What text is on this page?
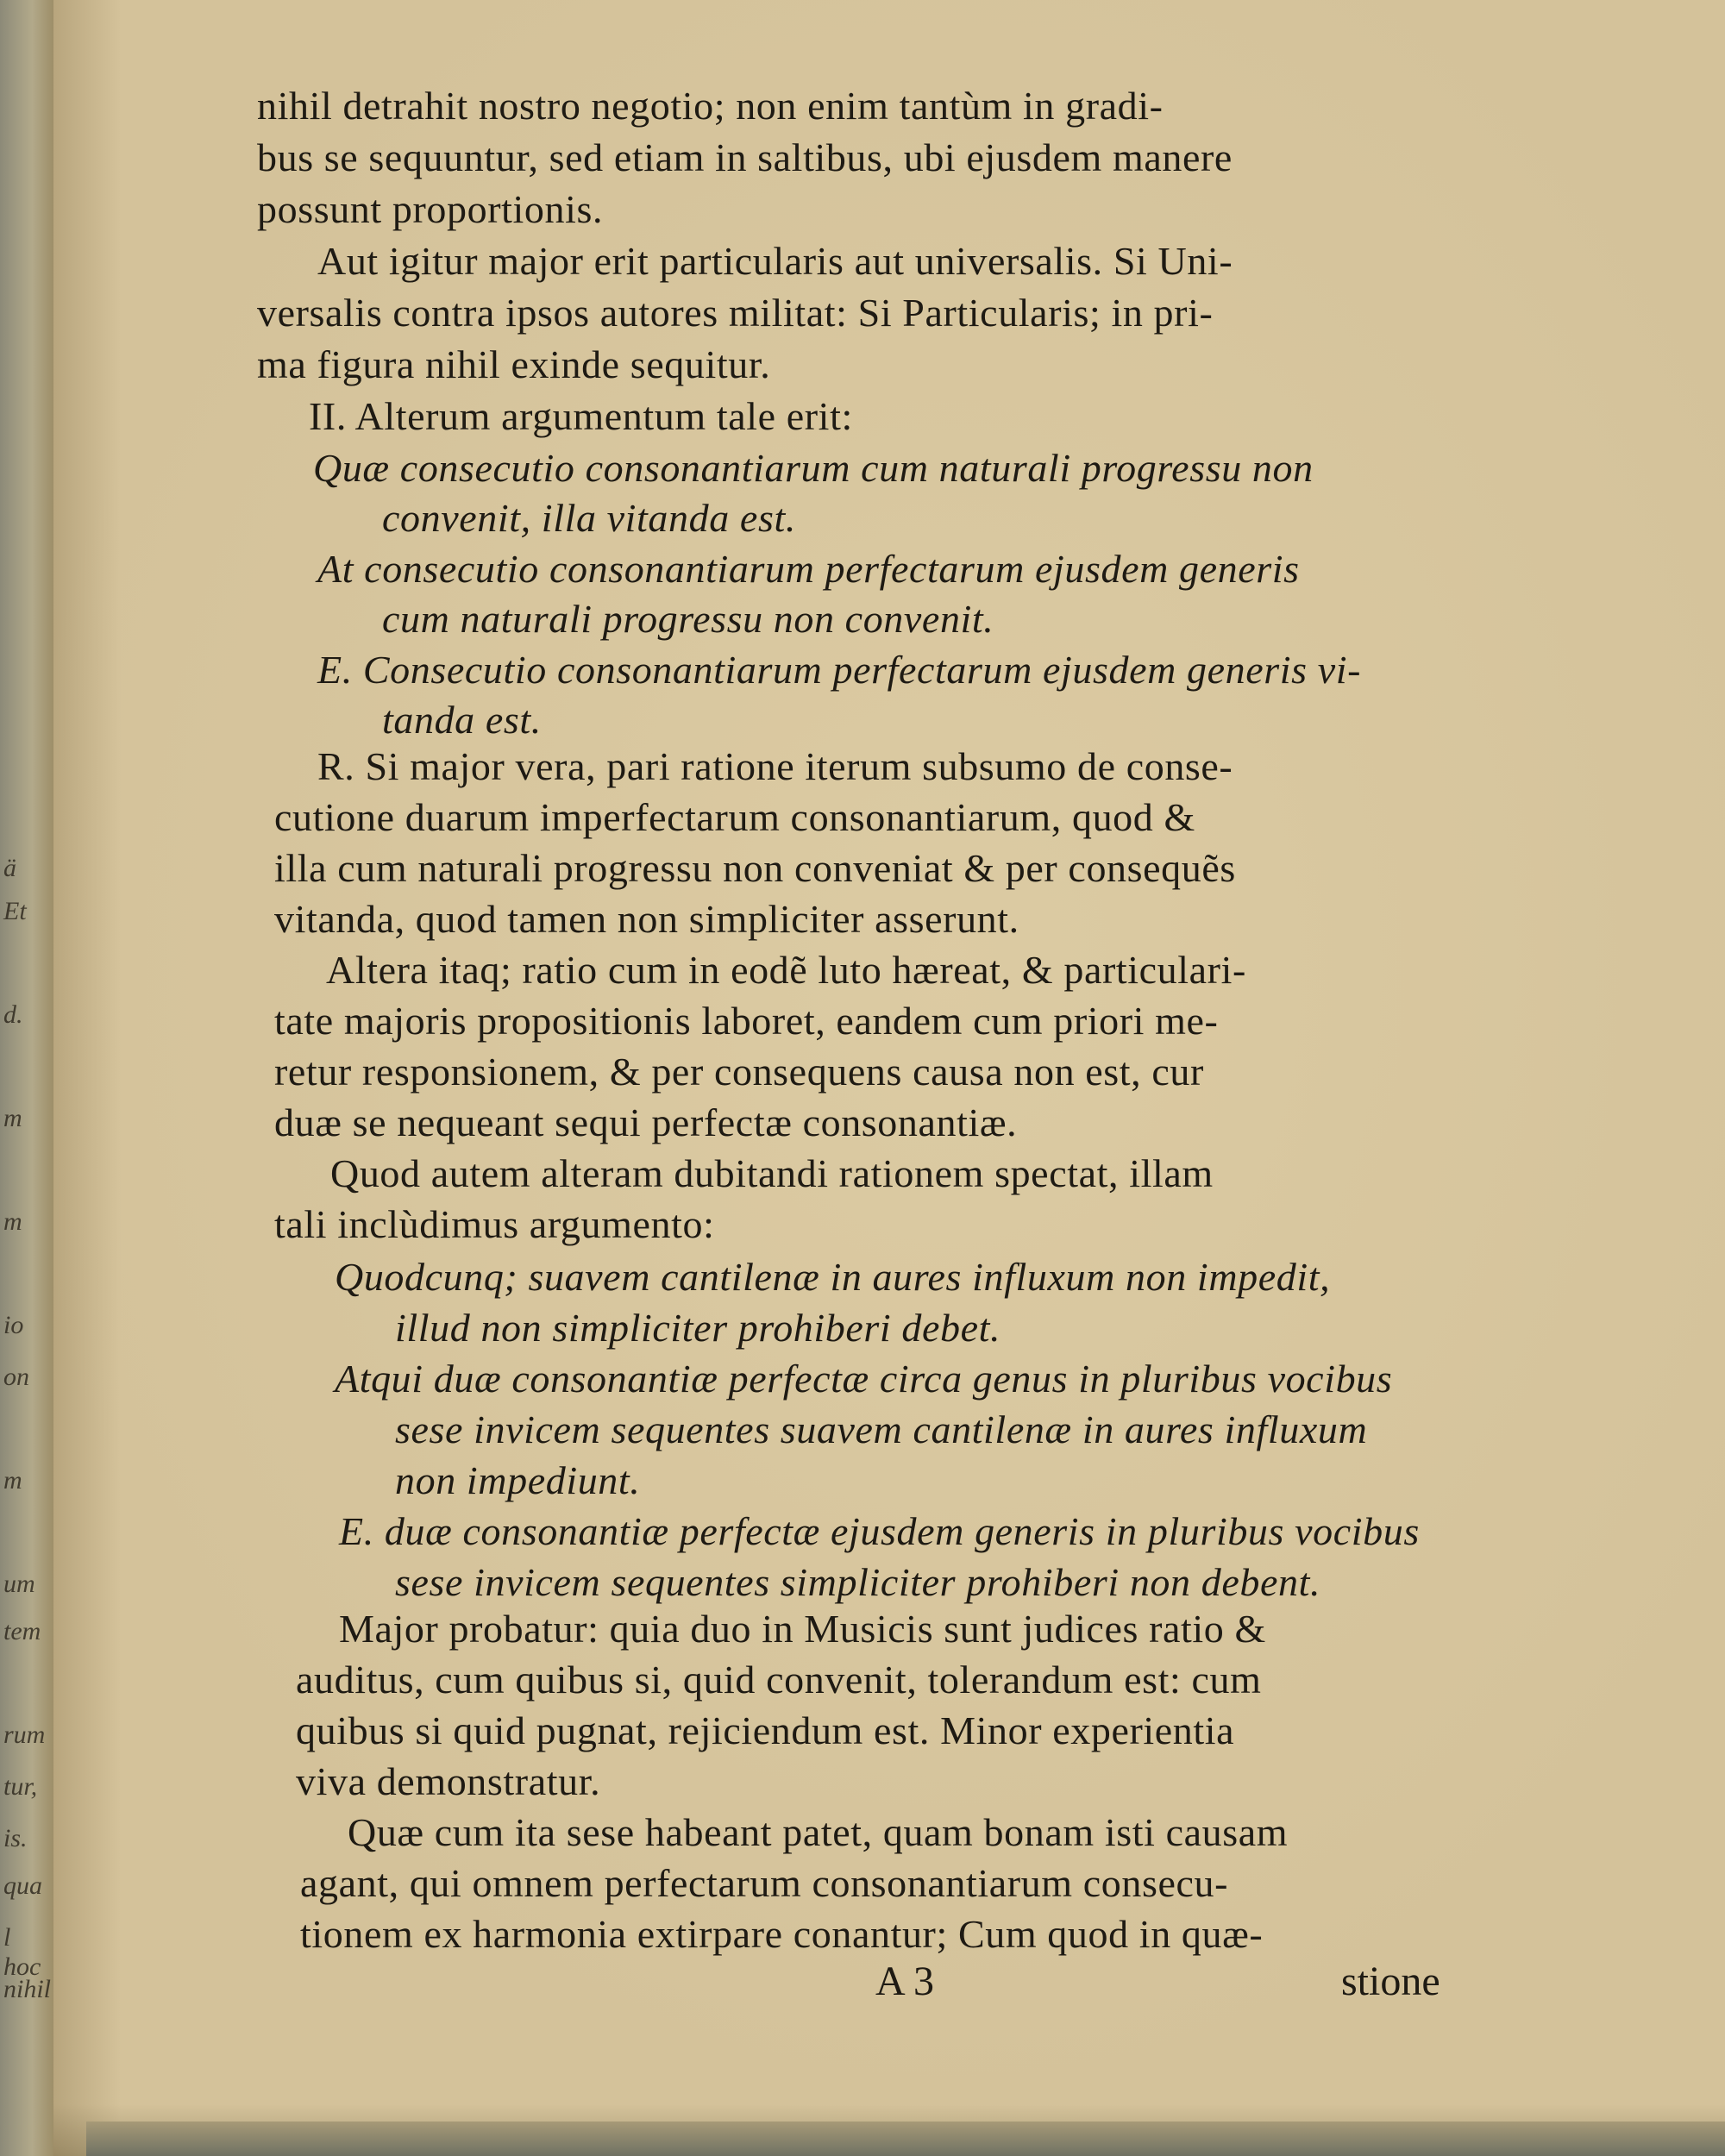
ä
Et
d.
m
m
io
on
m
um
tem
rum
tur,
is.
qua
l hoc
nihil
nihil detrahit nostro negotio; non enim tantùm in gradi-
bus se sequuntur, sed etiam in saltibus, ubi ejusdem manere
possunt proportionis.
Aut igitur major erit particularis aut universalis. Si Uni-
versalis contra ipsos autores militat: Si Particularis; in pri-
ma figura nihil exinde sequitur.
II. Alterum argumentum tale erit:
Quæ consecutio consonantiarum cum naturali progressu non
convenit, illa vitanda est.
At consecutio consonantiarum perfectarum ejusdem generis
cum naturali progressu non convenit.
E. Consecutio consonantiarum perfectarum ejusdem generis vi-
tanda est.
R. Si major vera, pari ratione iterum subsumo de conse-
cutione duarum imperfectarum consonantiarum, quod &
illa cum naturali progressu non conveniat & per consequẽs
vitanda, quod tamen non simpliciter asserunt.
Altera itaq; ratio cum in eodẽ luto hæreat, & particulari-
tate majoris propositionis laboret, eandem cum priori me-
retur responsionem, & per consequens causa non est, cur
duæ se nequeant sequi perfectæ consonantiæ.
Quod autem alteram dubitandi rationem spectat, illam
tali inclùdimus argumento:
Quodcunq; suavem cantilenæ in aures influxum non impedit,
illud non simpliciter prohiberi debet.
Atqui duæ consonantiæ perfectæ circa genus in pluribus vocibus
sese invicem sequentes suavem cantilenæ in aures influxum
non impediunt.
E. duæ consonantiæ perfectæ ejusdem generis in pluribus vocibus
sese invicem sequentes simpliciter prohiberi non debent.
Major probatur: quia duo in Musicis sunt judices ratio &
auditus, cum quibus si, quid convenit, tolerandum est: cum
quibus si quid pugnat, rejiciendum est. Minor experientia
viva demonstratur.
Quæ cum ita sese habeant patet, quam bonam isti causam
agant, qui omnem perfectarum consonantiarum consecu-
tionem ex harmonia extirpare conantur; Cum quod in quæ-
A 3	stione
